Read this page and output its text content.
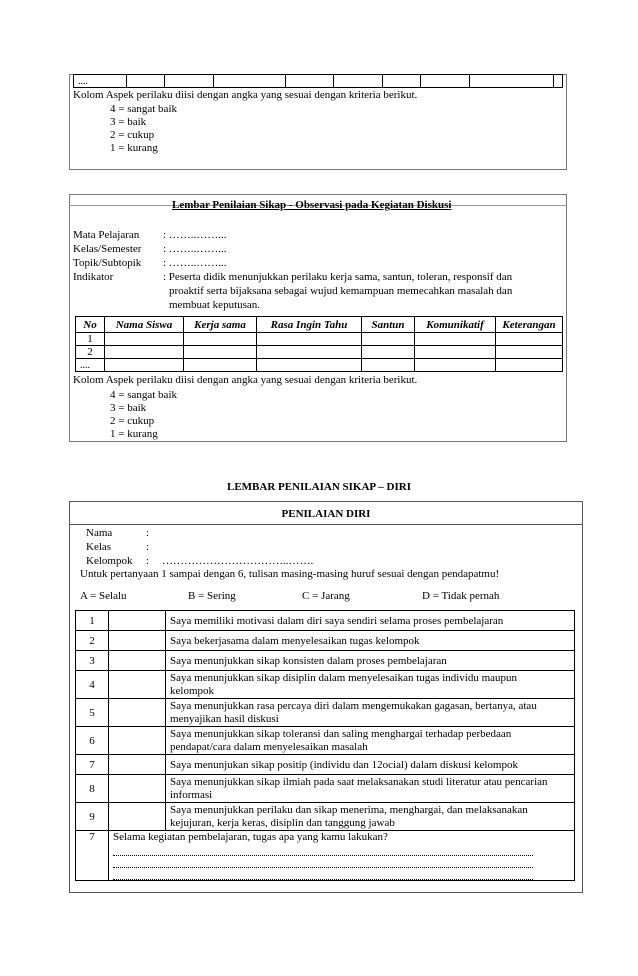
....									
Kolom Aspek perilaku diisi dengan angka yang sesuai dengan kriteria berikut.
4 = sangat baik
3 = baik
2 = cukup
1 = kurang
Lembar Penilaian Sikap - Observasi pada Kegiatan Diskusi
Mata Pelajaran	: ……..……...
Kelas/Semester	: ……..……...
Topik/Subtopik	: ……..……...
Indikator	: Peserta didik menunjukkan perilaku kerja sama, santun, toleran, responsif dan
proaktif serta bijaksana sebagai wujud kemampuan memecahkan masalah dan
membuat keputusan.
No	Nama Siswa	Kerja sama	Rasa Ingin Tahu	Santun	Komunikatif	Keterangan
1						
2						
....						
Kolom Aspek perilaku diisi dengan angka yang sesuai dengan kriteria berikut.
4 = sangat baik
3 = baik
2 = cukup
1 = kurang
LEMBAR PENILAIAN SIKAP – DIRI
PENILAIAN DIRI
Nama	:
Kelas	:
Kelompok	:	……………………………..…….
Untuk pertanyaan 1 sampai dengan 6, tulisan masing-masing huruf sesuai dengan pendapatmu!
A = Selalu	B = Sering	C = Jarang	D = Tidak pernah
1		Saya memiliki motivasi dalam diri saya sendiri selama proses pembelajaran

2		Saya bekerjasama dalam menyelesaikan tugas kelompok

3		Saya menunjukkan sikap konsisten dalam proses pembelajaran

4		Saya menunjukkan sikap disiplin dalam menyelesaikan tugas individu maupun
kelompok

5		Saya menunjukkan rasa percaya diri dalam mengemukakan gagasan, bertanya, atau
menyajikan hasil diskusi

6		Saya menunjukkan sikap toleransi dan saling menghargai terhadap perbedaan
pendapat/cara dalam menyelesaikan masalah

7		Saya menunjukan sikap positip (individu dan 12ocial) dalam diskusi kelompok

8		Saya menunjukkan sikap ilmiah pada saat melaksanakan studi literatur atau pencarian
informasi

9		Saya menunjukkan perilaku dan sikap menerima, menghargai, dan melaksanakan
kejujuran, kerja keras, disiplin dan tanggung jawab

7	Selama kegiatan pembelajaran, tugas apa yang kamu lakukan?	
